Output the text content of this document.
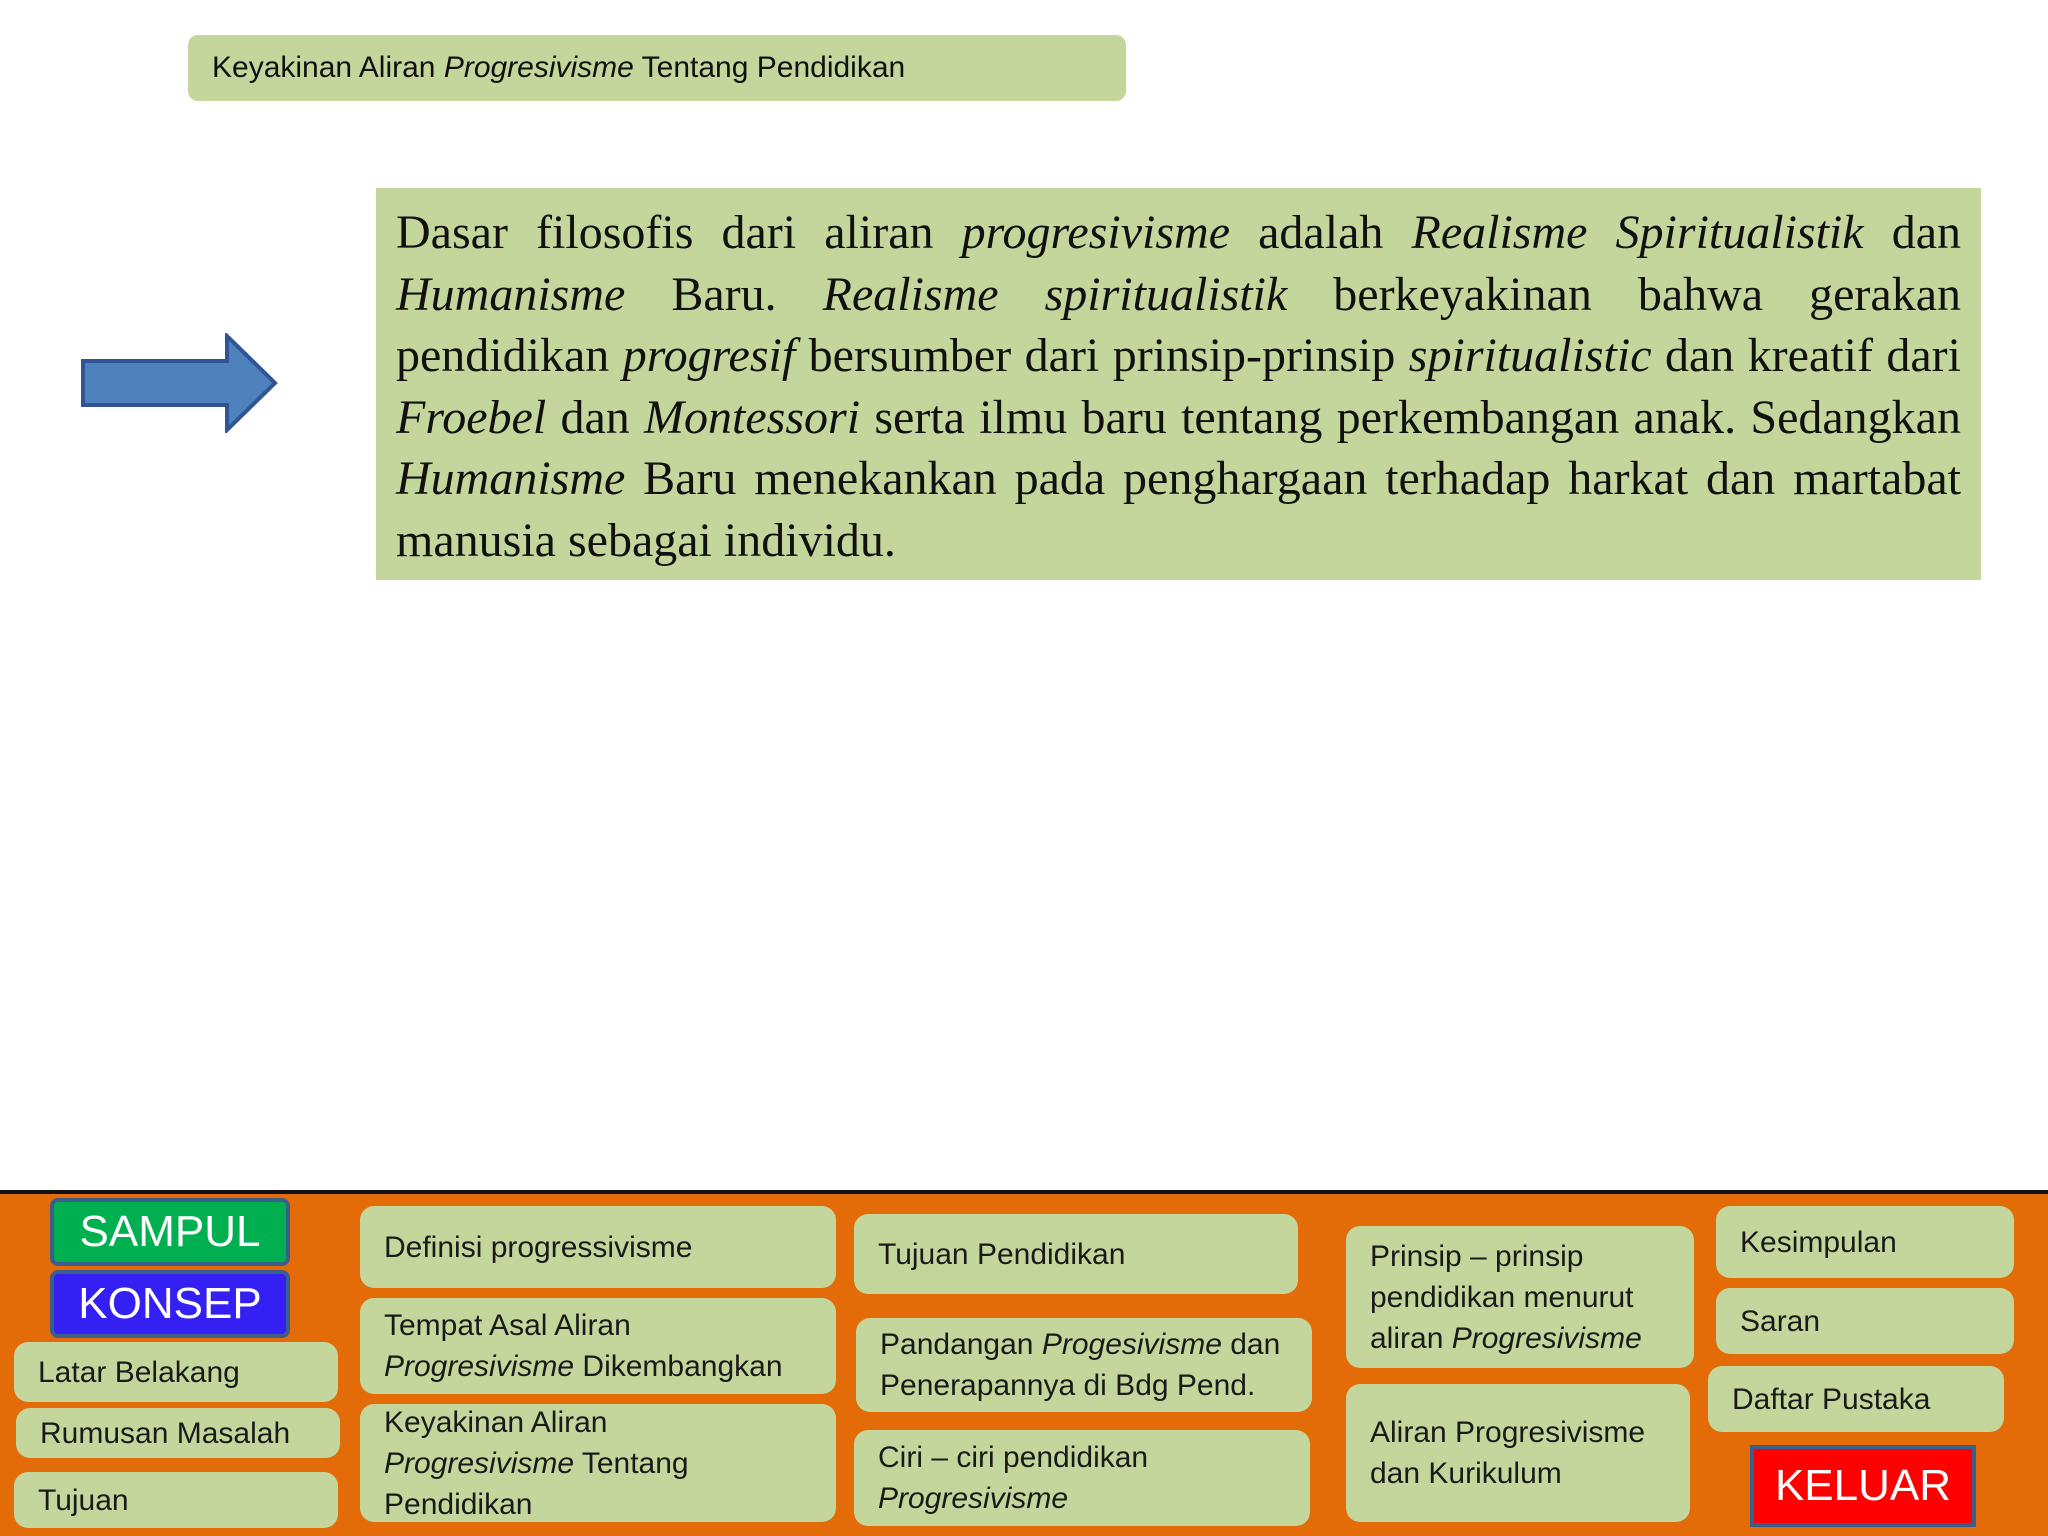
Keyakinan Aliran Progresivisme Tentang Pendidikan
Dasar filosofis dari aliran progresivisme adalah Realisme Spiritualistik dan Humanisme Baru. Realisme spiritualistik berkeyakinan bahwa gerakan pendidikan progresif bersumber dari prinsip-prinsip spiritualistic dan kreatif dari Froebel dan Montessori serta ilmu baru tentang perkembangan anak. Sedangkan Humanisme Baru menekankan pada penghargaan terhadap harkat dan martabat manusia sebagai individu.
SAMPUL
KONSEP
Latar Belakang
Rumusan Masalah
Tujuan
Definisi progressivisme
Tempat Asal Aliran
Progresivisme Dikembangkan
Keyakinan Aliran
Progresivisme Tentang
Pendidikan
Tujuan Pendidikan
Pandangan Progesivisme dan
Penerapannya di Bdg Pend.
Ciri – ciri pendidikan
Progresivisme
Prinsip – prinsip
pendidikan menurut
aliran Progresivisme
Aliran Progresivisme
dan Kurikulum
Kesimpulan
Saran
Daftar Pustaka
KELUAR
